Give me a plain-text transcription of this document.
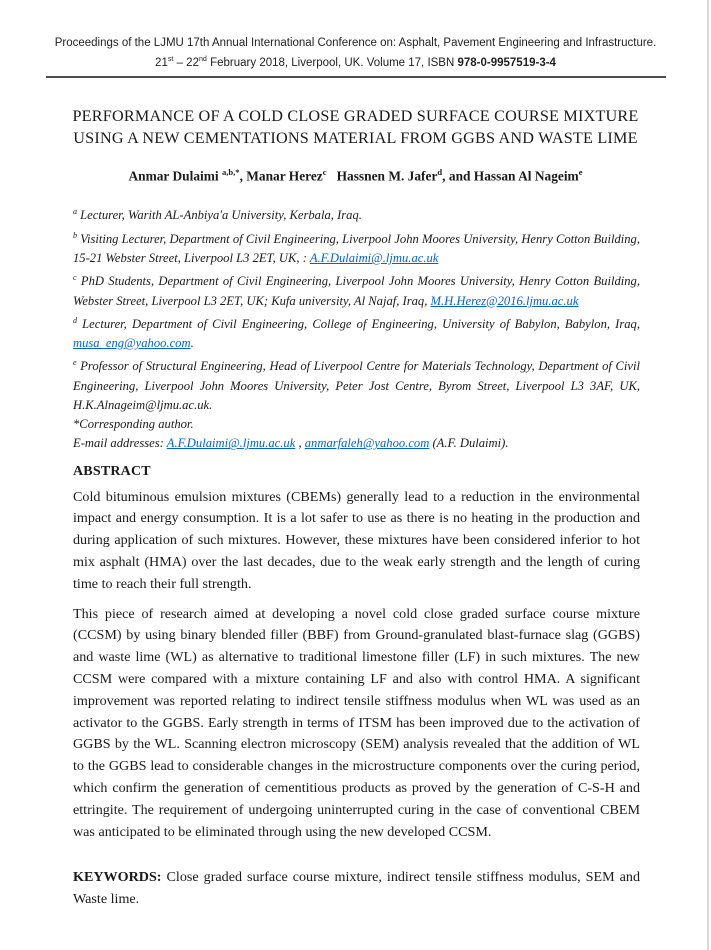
Proceedings of the LJMU 17th Annual International Conference on: Asphalt, Pavement Engineering and Infrastructure.
21st – 22nd February 2018, Liverpool, UK. Volume 17, ISBN 978-0-9957519-3-4
PERFORMANCE OF A COLD CLOSE GRADED SURFACE COURSE MIXTURE USING A NEW CEMENTATIONS MATERIAL FROM GGBS AND WASTE LIME

Anmar Dulaimi $^{a,b,*}$, Manar Herez$^c$   Hassnen M. Jafer$^d$, and Hassan Al Nageim$^e$

$^a$ Lecturer, Warith AL-Anbiya'a University, Kerbala, Iraq.

$^b$ Visiting Lecturer, Department of Civil Engineering, Liverpool John Moores University, Henry Cotton Building, 15-21 Webster Street, Liverpool L3 2ET, UK, : A.F.Dulaimi@.ljmu.ac.uk

$^c$ PhD Students, Department of Civil Engineering, Liverpool John Moores University, Henry Cotton Building, Webster Street, Liverpool L3 2ET, UK; Kufa university, Al Najaf, Iraq, M.H.Herez@2016.ljmu.ac.uk

$^d$ Lecturer, Department of Civil Engineering, College of Engineering, University of Babylon, Babylon, Iraq, musa_eng@yahoo.com.

$^e$ Professor of Structural Engineering, Head of Liverpool Centre for Materials Technology, Department of Civil Engineering, Liverpool John Moores University, Peter Jost Centre, Byrom Street, Liverpool L3 3AF, UK, H.K.Alnageim@ljmu.ac.uk.

*Corresponding author.

E-mail addresses: A.F.Dulaimi@.ljmu.ac.uk , anmarfaleh@yahoo.com (A.F. Dulaimi).

ABSTRACT

Cold bituminous emulsion mixtures (CBEMs) generally lead to a reduction in the environmental impact and energy consumption. It is a lot safer to use as there is no heating in the production and during application of such mixtures. However, these mixtures have been considered inferior to hot mix asphalt (HMA) over the last decades, due to the weak early strength and the length of curing time to reach their full strength.

This piece of research aimed at developing a novel cold close graded surface course mixture (CCSM) by using binary blended filler (BBF) from Ground-granulated blast-furnace slag (GGBS) and waste lime (WL) as alternative to traditional limestone filler (LF) in such mixtures. The new CCSM were compared with a mixture containing LF and also with control HMA. A significant improvement was reported relating to indirect tensile stiffness modulus when WL was used as an activator to the GGBS. Early strength in terms of ITSM has been improved due to the activation of GGBS by the WL. Scanning electron microscopy (SEM) analysis revealed that the addition of WL to the GGBS lead to considerable changes in the microstructure components over the curing period, which confirm the generation of cementitious products as proved by the generation of C-S-H and ettringite. The requirement of undergoing uninterrupted curing in the case of conventional CBEM was anticipated to be eliminated through using the new developed CCSM.

KEYWORDS: Close graded surface course mixture, indirect tensile stiffness modulus, SEM and Waste lime.
